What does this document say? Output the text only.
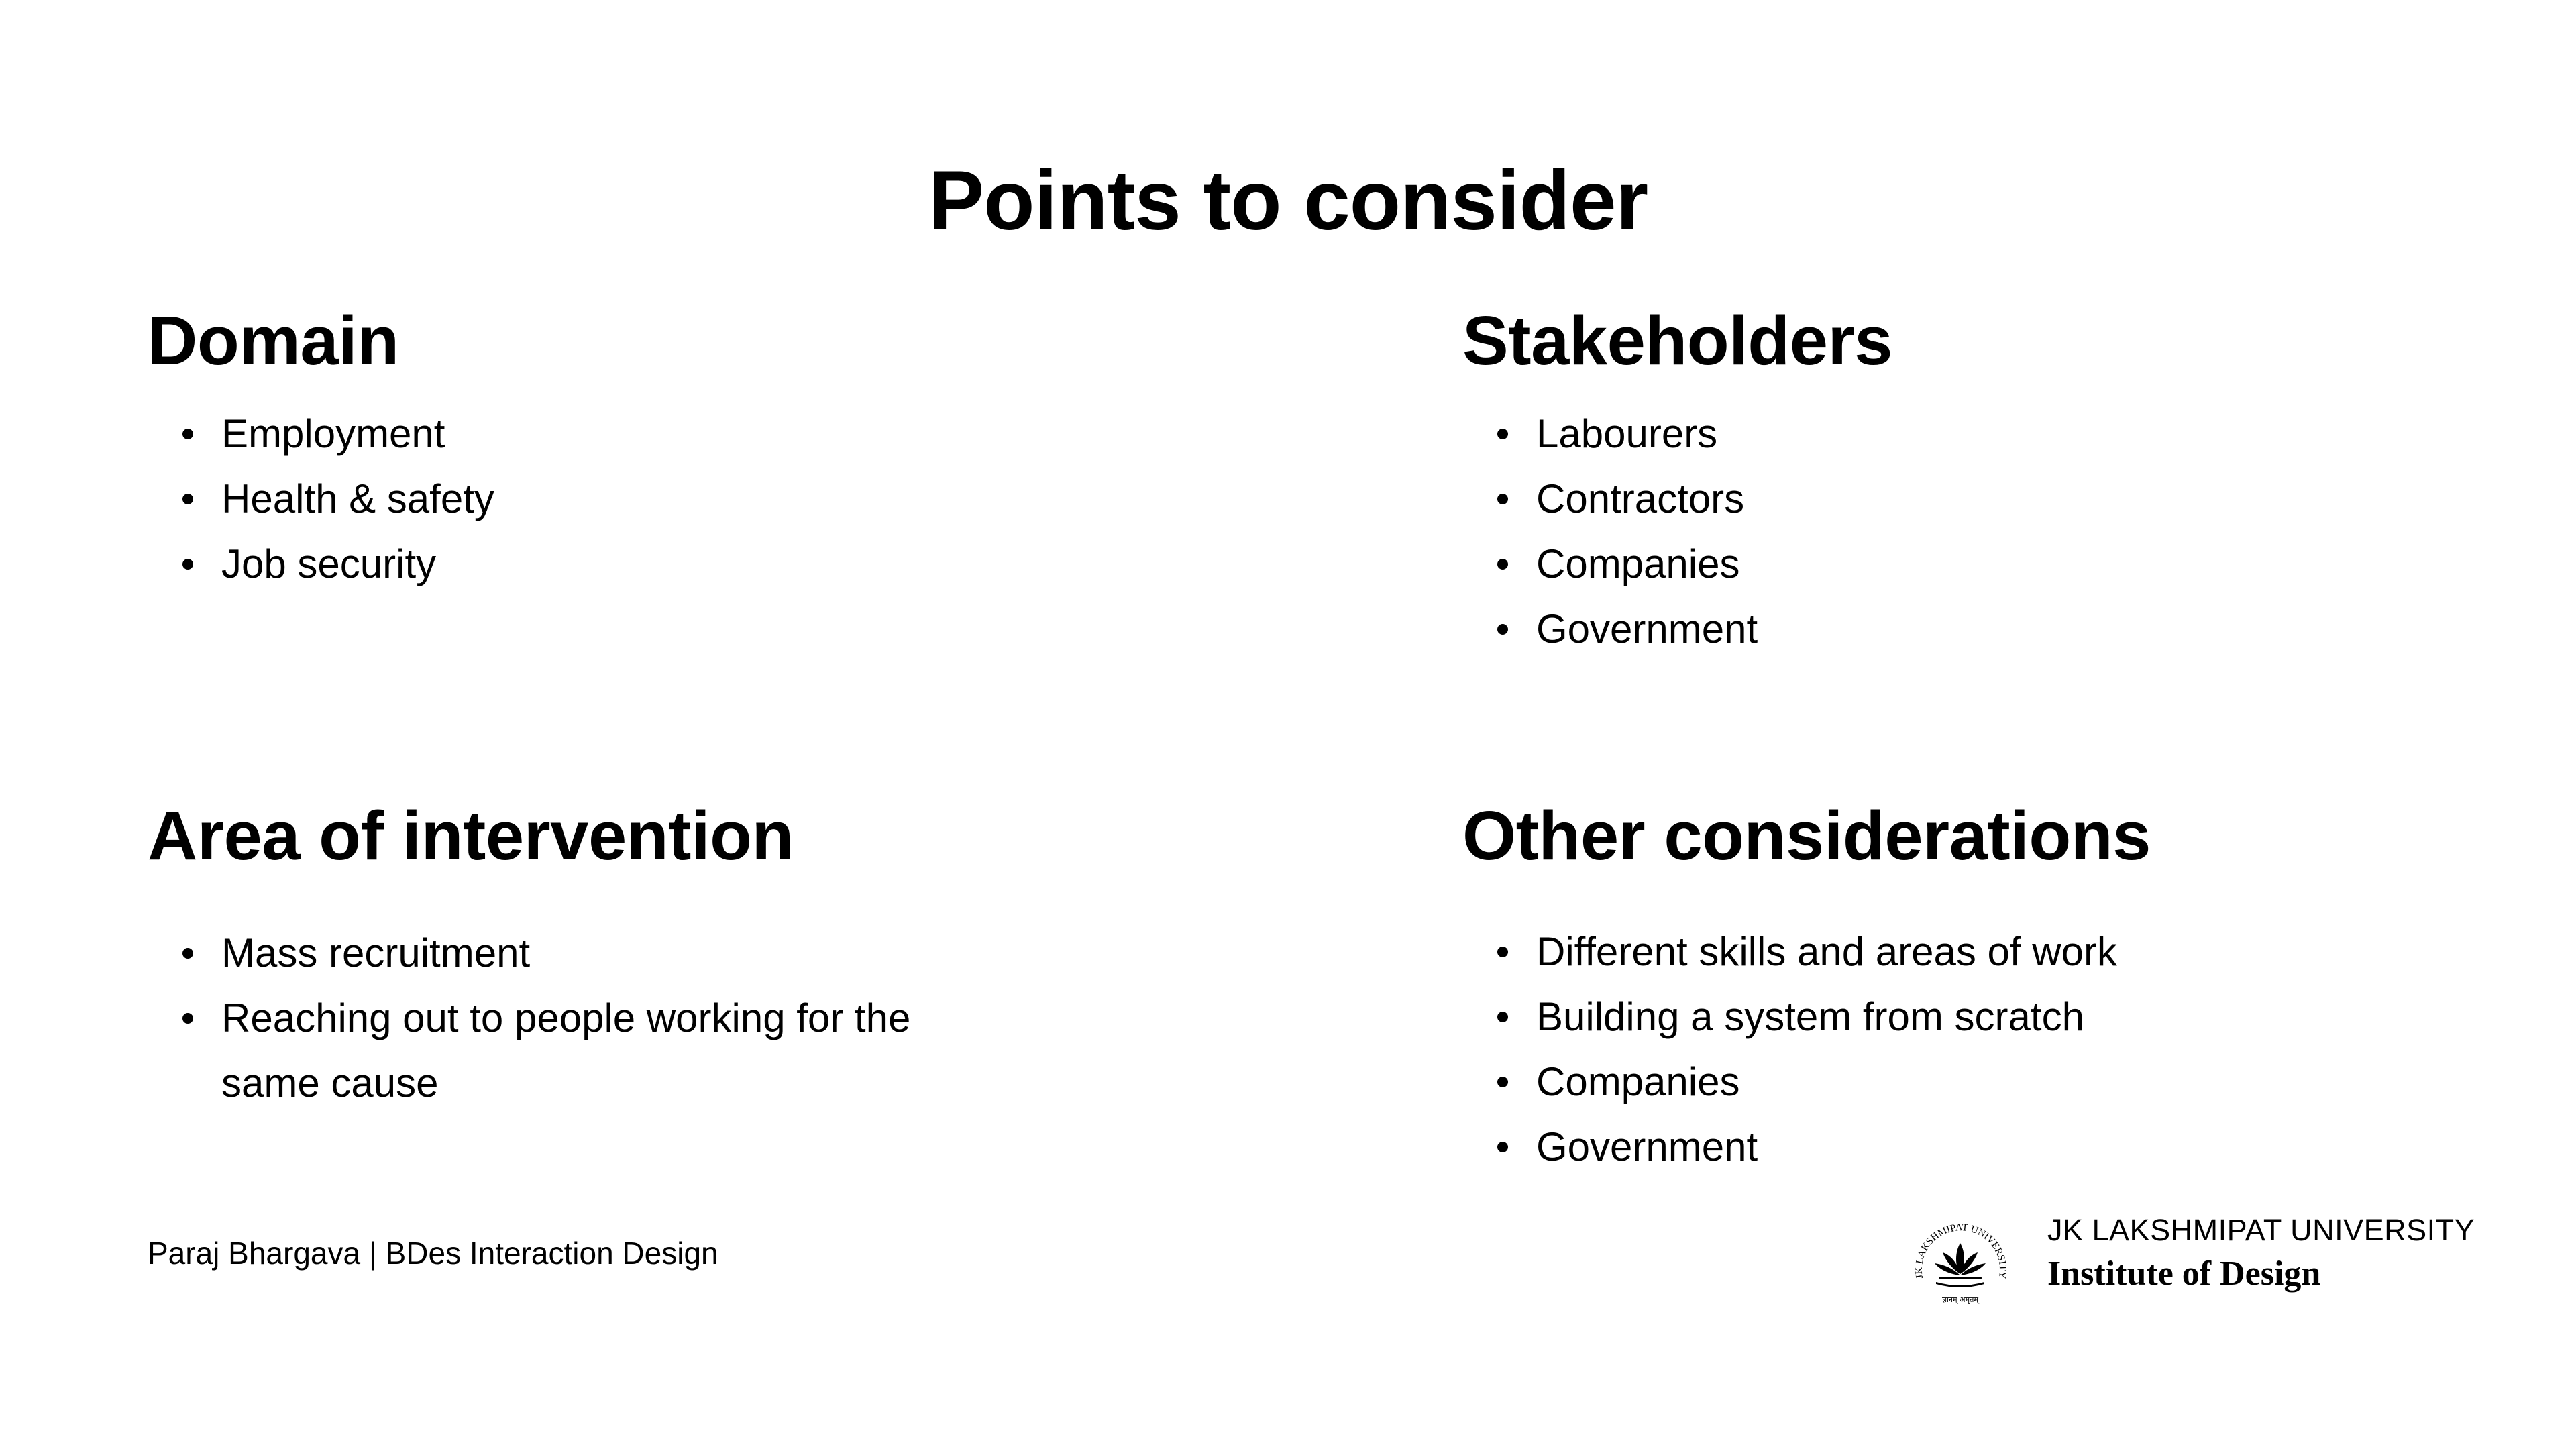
Points to consider
Domain
Employment
Health & safety
Job security
Stakeholders
Labourers
Contractors
Companies
Government
Area of intervention
Mass recruitment
Reaching out to people working for the same cause
Other considerations
Different skills and areas of work
Building a system from scratch
Companies
Government
Paraj Bhargava | BDes Interaction Design
JK LAKSHMIPAT UNIVERSITY
ज्ञानम् अमृतम्
JK LAKSHMIPAT UNIVERSITY
Institute of Design
